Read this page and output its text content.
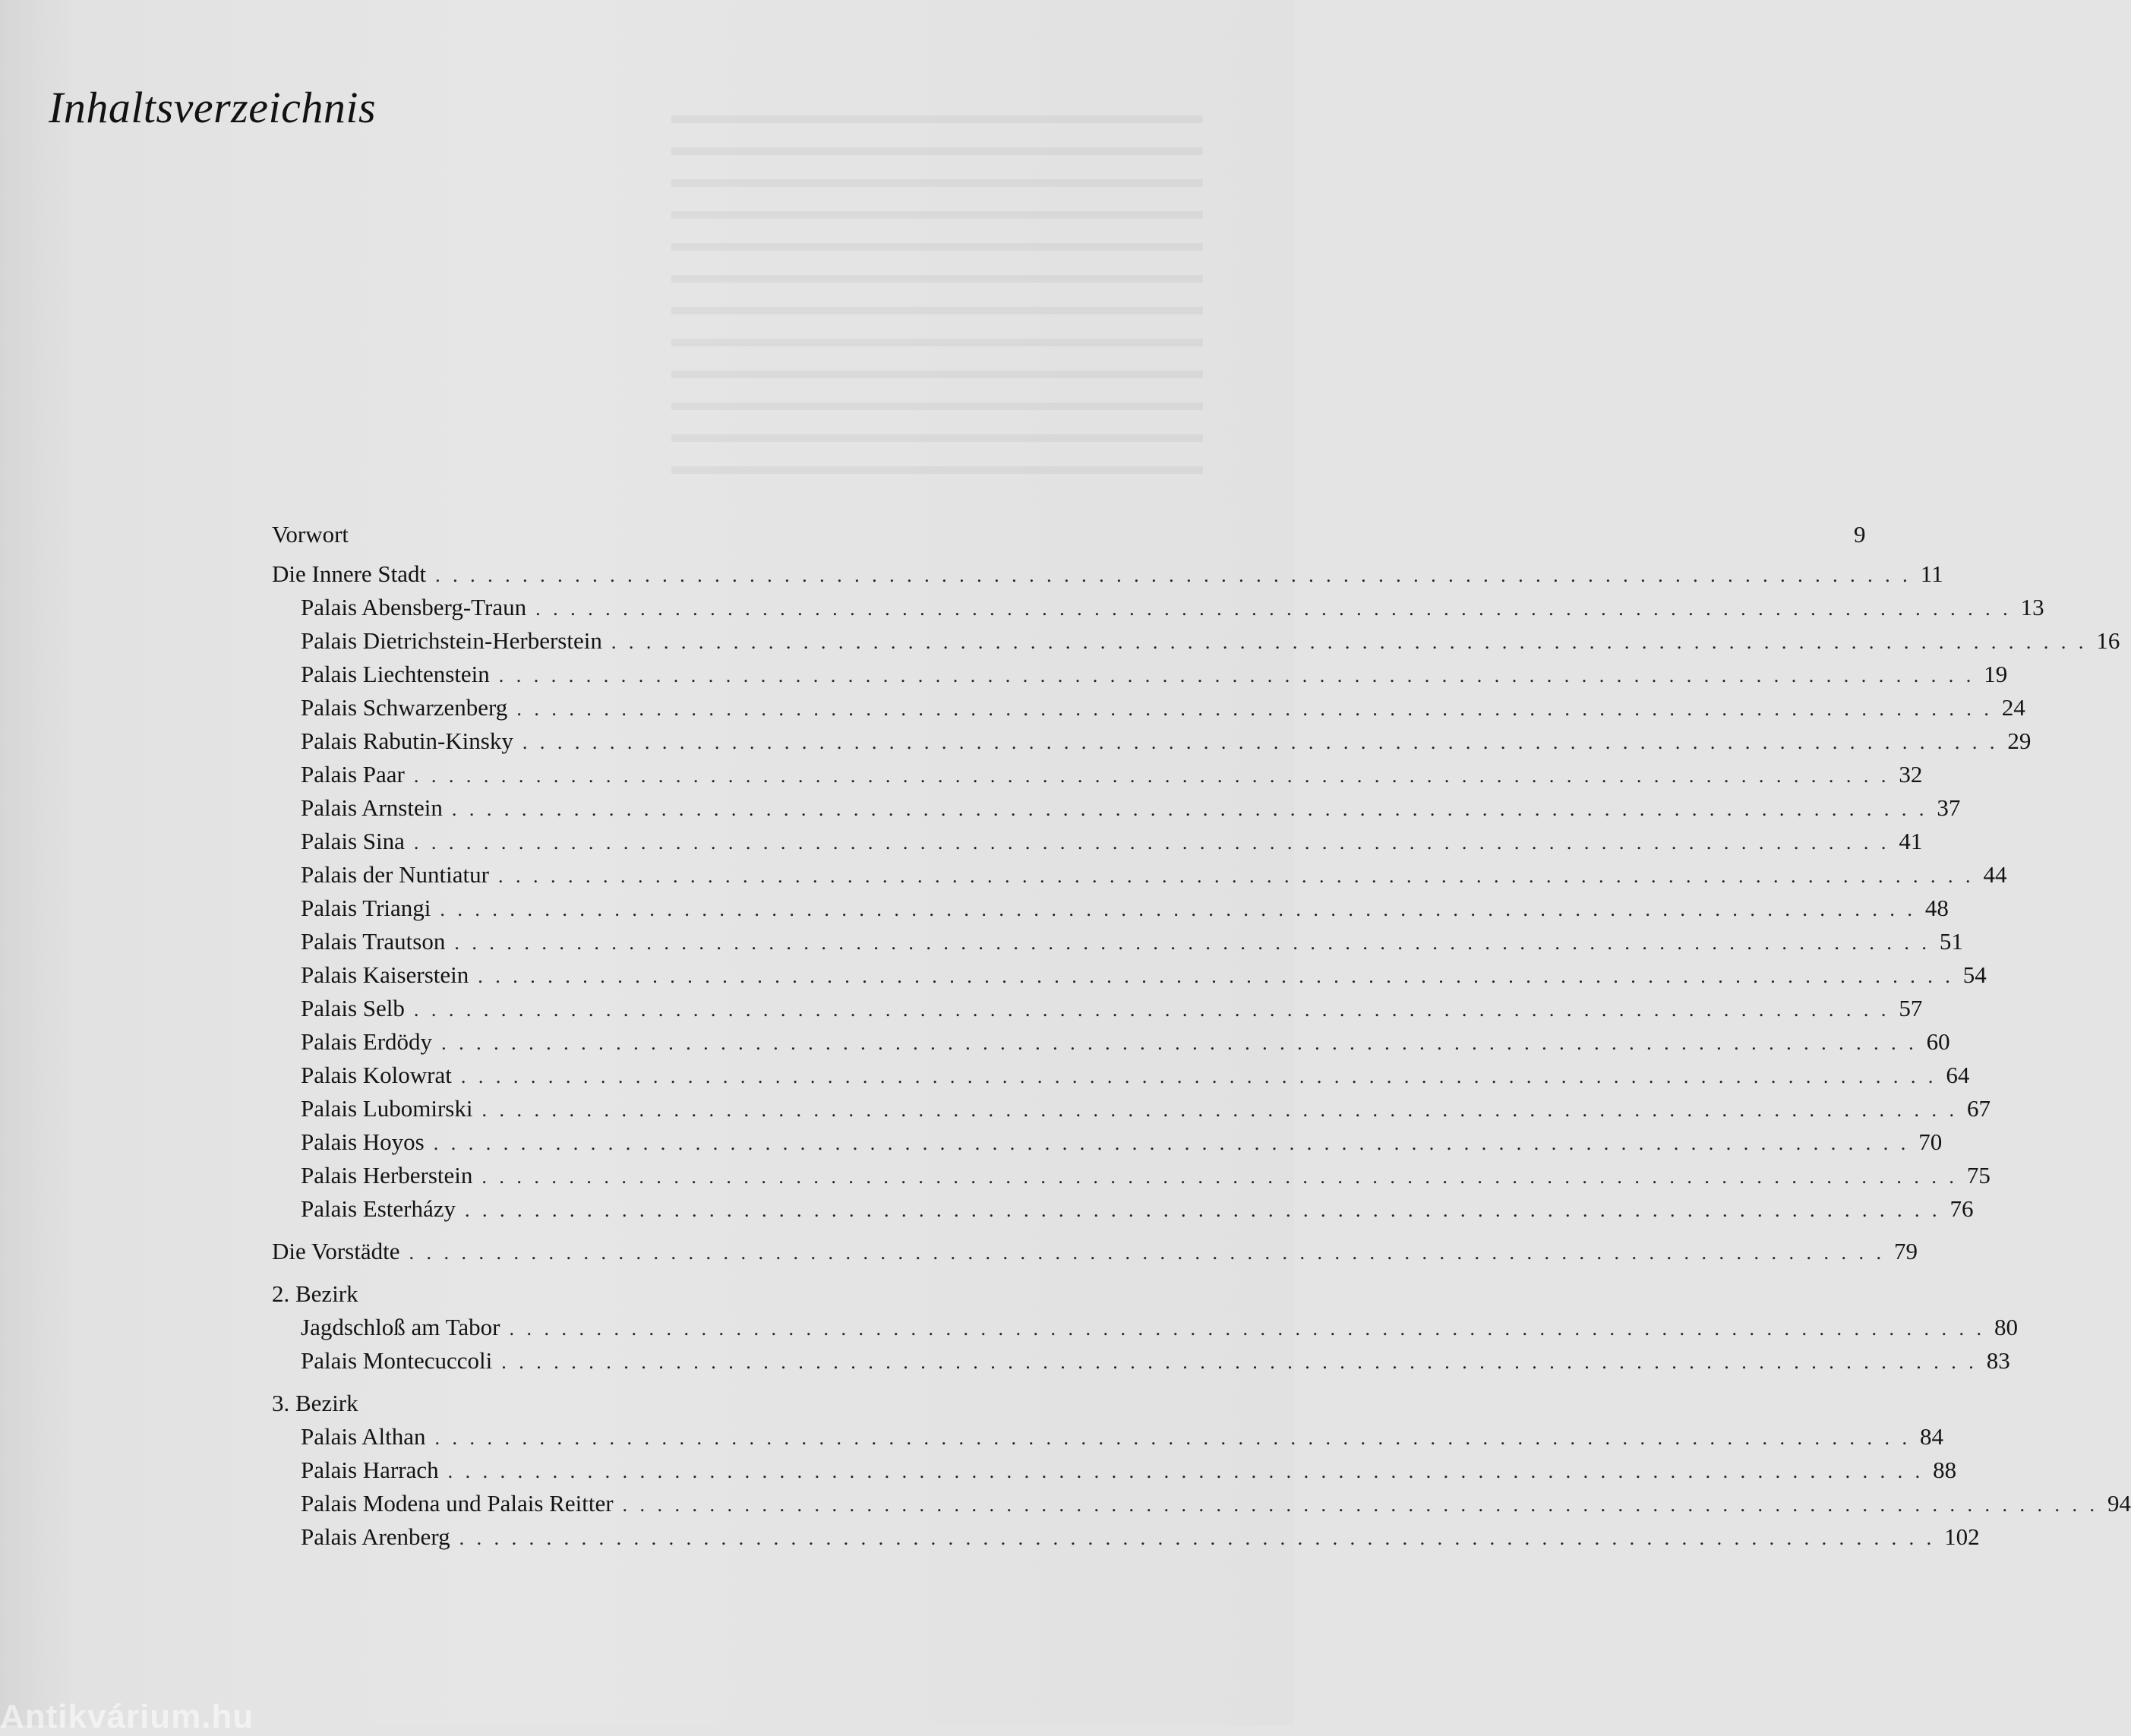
Inhaltsverzeichnis
Vorwort	9
Die Innere Stadt . . . . . . . . . . . . . . . . . . . . . . . . . . . . . . . . . . . . . . . . . . . . . . . . . . . . . . . . . . . . . . . . . . . . . . . . . . . . . . . . . . . . . 11
Palais Abensberg-Traun . . . . . . . . . . . . . . . . . . . . . . . . . . . . . . . . . . . . . . . . . . . . . . . . . . . . . . . . . . . . . . . . . . . . . . . . . . . . . . . . . . . . . 13
Palais Dietrichstein-Herberstein . . . . . . . . . . . . . . . . . . . . . . . . . . . . . . . . . . . . . . . . . . . . . . . . . . . . . . . . . . . . . . . . . . . . . . . . . . . . . . . . . . . . . 16
Palais Liechtenstein . . . . . . . . . . . . . . . . . . . . . . . . . . . . . . . . . . . . . . . . . . . . . . . . . . . . . . . . . . . . . . . . . . . . . . . . . . . . . . . . . . . . . 19
Palais Schwarzenberg . . . . . . . . . . . . . . . . . . . . . . . . . . . . . . . . . . . . . . . . . . . . . . . . . . . . . . . . . . . . . . . . . . . . . . . . . . . . . . . . . . . . . 24
Palais Rabutin-Kinsky . . . . . . . . . . . . . . . . . . . . . . . . . . . . . . . . . . . . . . . . . . . . . . . . . . . . . . . . . . . . . . . . . . . . . . . . . . . . . . . . . . . . . 29
Palais Paar . . . . . . . . . . . . . . . . . . . . . . . . . . . . . . . . . . . . . . . . . . . . . . . . . . . . . . . . . . . . . . . . . . . . . . . . . . . . . . . . . . . . . 32
Palais Arnstein . . . . . . . . . . . . . . . . . . . . . . . . . . . . . . . . . . . . . . . . . . . . . . . . . . . . . . . . . . . . . . . . . . . . . . . . . . . . . . . . . . . . . 37
Palais Sina . . . . . . . . . . . . . . . . . . . . . . . . . . . . . . . . . . . . . . . . . . . . . . . . . . . . . . . . . . . . . . . . . . . . . . . . . . . . . . . . . . . . . 41
Palais der Nuntiatur . . . . . . . . . . . . . . . . . . . . . . . . . . . . . . . . . . . . . . . . . . . . . . . . . . . . . . . . . . . . . . . . . . . . . . . . . . . . . . . . . . . . . 44
Palais Triangi . . . . . . . . . . . . . . . . . . . . . . . . . . . . . . . . . . . . . . . . . . . . . . . . . . . . . . . . . . . . . . . . . . . . . . . . . . . . . . . . . . . . . 48
Palais Trautson . . . . . . . . . . . . . . . . . . . . . . . . . . . . . . . . . . . . . . . . . . . . . . . . . . . . . . . . . . . . . . . . . . . . . . . . . . . . . . . . . . . . . 51
Palais Kaiserstein . . . . . . . . . . . . . . . . . . . . . . . . . . . . . . . . . . . . . . . . . . . . . . . . . . . . . . . . . . . . . . . . . . . . . . . . . . . . . . . . . . . . . 54
Palais Selb . . . . . . . . . . . . . . . . . . . . . . . . . . . . . . . . . . . . . . . . . . . . . . . . . . . . . . . . . . . . . . . . . . . . . . . . . . . . . . . . . . . . . 57
Palais Erdödy . . . . . . . . . . . . . . . . . . . . . . . . . . . . . . . . . . . . . . . . . . . . . . . . . . . . . . . . . . . . . . . . . . . . . . . . . . . . . . . . . . . . . 60
Palais Kolowrat . . . . . . . . . . . . . . . . . . . . . . . . . . . . . . . . . . . . . . . . . . . . . . . . . . . . . . . . . . . . . . . . . . . . . . . . . . . . . . . . . . . . . 64
Palais Lubomirski . . . . . . . . . . . . . . . . . . . . . . . . . . . . . . . . . . . . . . . . . . . . . . . . . . . . . . . . . . . . . . . . . . . . . . . . . . . . . . . . . . . . . 67
Palais Hoyos . . . . . . . . . . . . . . . . . . . . . . . . . . . . . . . . . . . . . . . . . . . . . . . . . . . . . . . . . . . . . . . . . . . . . . . . . . . . . . . . . . . . . 70
Palais Herberstein . . . . . . . . . . . . . . . . . . . . . . . . . . . . . . . . . . . . . . . . . . . . . . . . . . . . . . . . . . . . . . . . . . . . . . . . . . . . . . . . . . . . . 75
Palais Esterházy . . . . . . . . . . . . . . . . . . . . . . . . . . . . . . . . . . . . . . . . . . . . . . . . . . . . . . . . . . . . . . . . . . . . . . . . . . . . . . . . . . . . . 76
Die Vorstädte . . . . . . . . . . . . . . . . . . . . . . . . . . . . . . . . . . . . . . . . . . . . . . . . . . . . . . . . . . . . . . . . . . . . . . . . . . . . . . . . . . . . . 79
2. Bezirk
Jagdschloß am Tabor . . . . . . . . . . . . . . . . . . . . . . . . . . . . . . . . . . . . . . . . . . . . . . . . . . . . . . . . . . . . . . . . . . . . . . . . . . . . . . . . . . . . . 80
Palais Montecuccoli . . . . . . . . . . . . . . . . . . . . . . . . . . . . . . . . . . . . . . . . . . . . . . . . . . . . . . . . . . . . . . . . . . . . . . . . . . . . . . . . . . . . . 83
3. Bezirk
Palais Althan . . . . . . . . . . . . . . . . . . . . . . . . . . . . . . . . . . . . . . . . . . . . . . . . . . . . . . . . . . . . . . . . . . . . . . . . . . . . . . . . . . . . . 84
Palais Harrach . . . . . . . . . . . . . . . . . . . . . . . . . . . . . . . . . . . . . . . . . . . . . . . . . . . . . . . . . . . . . . . . . . . . . . . . . . . . . . . . . . . . . 88
Palais Modena und Palais Reitter . . . . . . . . . . . . . . . . . . . . . . . . . . . . . . . . . . . . . . . . . . . . . . . . . . . . . . . . . . . . . . . . . . . . . . . . . . . . . . . . . . . . . 94
Palais Arenberg . . . . . . . . . . . . . . . . . . . . . . . . . . . . . . . . . . . . . . . . . . . . . . . . . . . . . . . . . . . . . . . . . . . . . . . . . . . . . . . . . . . . . 102
Antikvárium.hu
